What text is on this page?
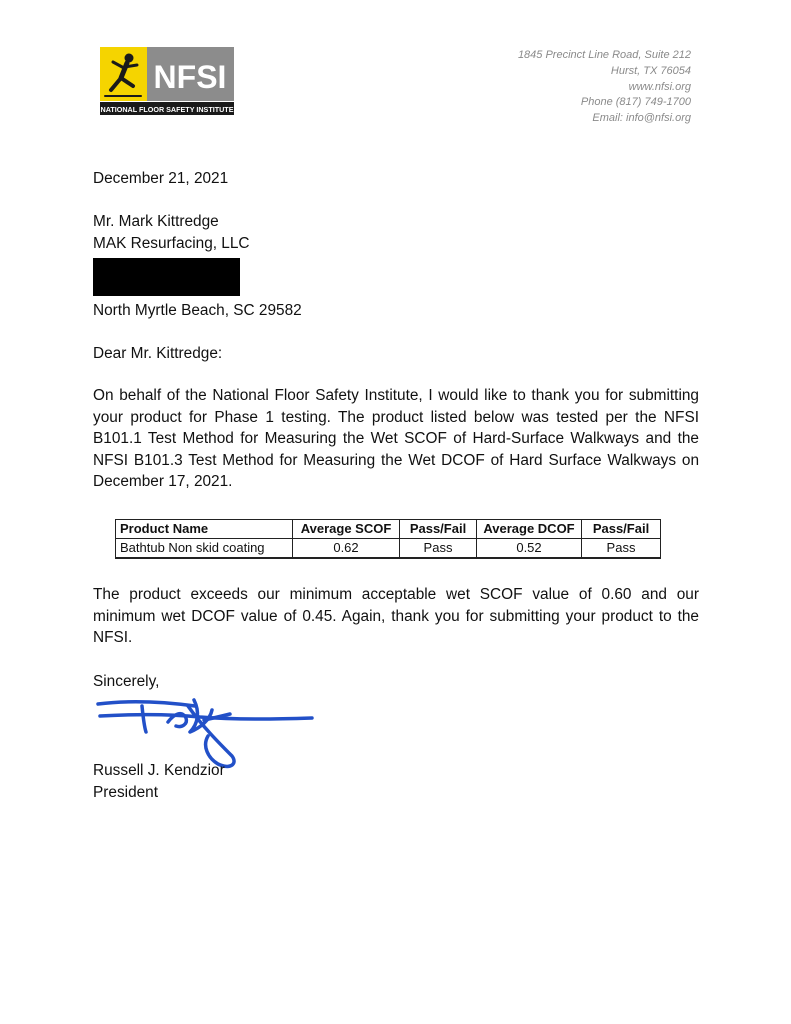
NFSI
NATIONAL FLOOR SAFETY INSTITUTE
1845 Precinct Line Road, Suite 212
Hurst, TX 76054
www.nfsi.org
Phone (817) 749-1700
Email: info@nfsi.org
December 21, 2021
Mr. Mark Kittredge
MAK Resurfacing, LLC
North Myrtle Beach, SC 29582
Dear Mr. Kittredge:
On behalf of the National Floor Safety Institute, I would like to thank you for submitting your product for Phase 1 testing. The product listed below was tested per the NFSI B101.1 Test Method for Measuring the Wet SCOF of Hard-Surface Walkways and the NFSI B101.3 Test Method for Measuring the Wet DCOF of Hard Surface Walkways on December 17, 2021.
Product Name	Average SCOF	Pass/Fail	Average DCOF	Pass/Fail
Bathtub Non skid coating	0.62	Pass	0.52	Pass
The product exceeds our minimum acceptable wet SCOF value of 0.60 and our minimum wet DCOF value of 0.45. Again, thank you for submitting your product to the NFSI.
Sincerely,
Russell J. Kendzior
President
